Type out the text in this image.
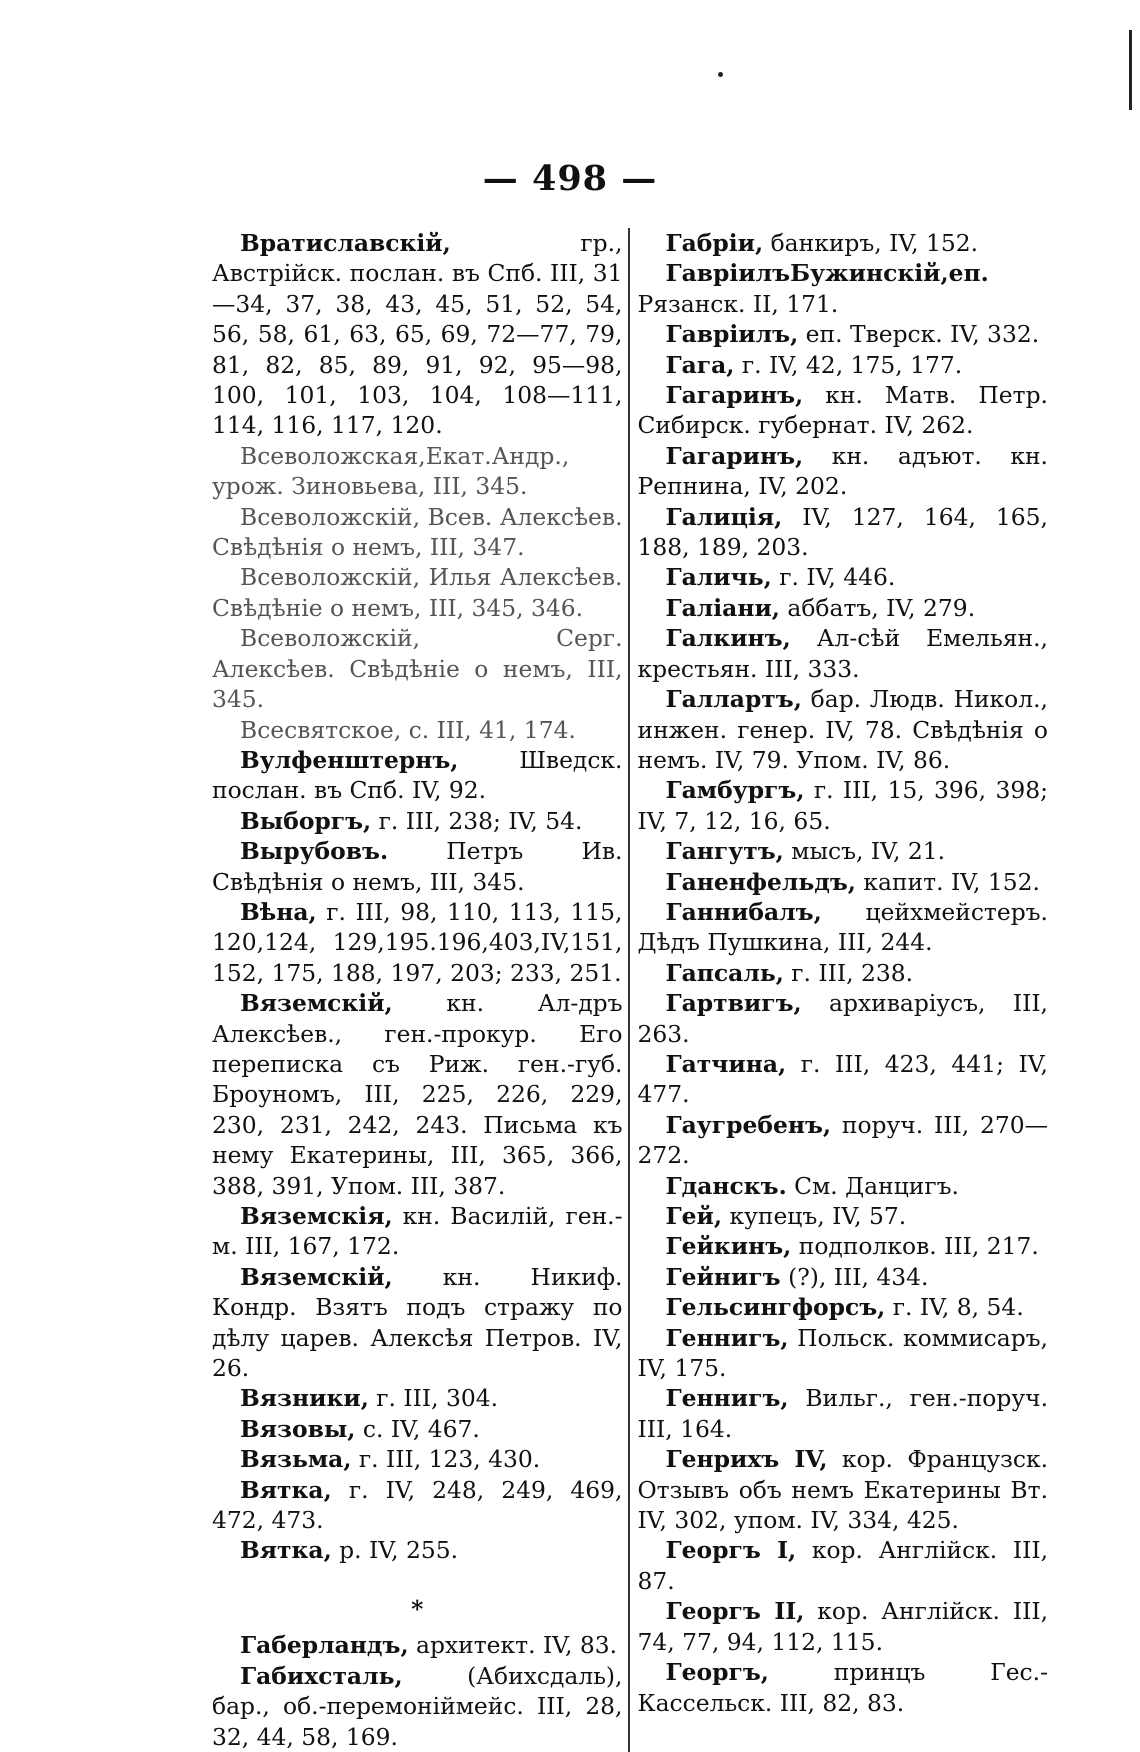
— 498 —

Вратиславскій, гр., Австрійск. послан. въ Спб. III, 31—34, 37, 38, 43, 45, 51, 52, 54, 56, 58, 61, 63, 65, 69, 72—77, 79, 81, 82, 85, 89, 91, 92, 95—98, 100, 101, 103, 104, 108—111, 114, 116, 117, 120.

Всеволожская,Екат.Андр., урож. Зиновьева, III, 345.

Всеволожскій, Всев. Алексѣев. Свѣдѣнія о немъ, III, 347.

Всеволожскій, Илья Алексѣев. Свѣдѣніе о немъ, III, 345, 346.

Всеволожскій, Серг. Алексѣев. Свѣдѣніе о немъ, III, 345.

Всесвятское, с. III, 41, 174.

Вулфенштернъ, Шведск. послан. въ Спб. IV, 92.

Выборгъ, г. III, 238; IV, 54.

Вырубовъ. Петръ Ив. Свѣдѣнія о немъ, III, 345.

Вѣна, г. III, 98, 110, 113, 115, 120,124, 129,195.196,403,IV,151, 152, 175, 188, 197, 203; 233, 251.

Вяземскій, кн. Ал-дръ Алексѣев., ген.-прокур. Его переписка съ Риж. ген.-губ. Броуномъ, III, 225, 226, 229, 230, 231, 242, 243. Письма къ нему Екатерины, III, 365, 366, 388, 391, Упом. III, 387.

Вяземскія, кн. Василій, ген.-м. III, 167, 172.

Вяземскій, кн. Никиф. Кондр. Взятъ подъ стражу по дѣлу царев. Алексѣя Петров. IV, 26.

Вязники, г. III, 304.

Вязовы, с. IV, 467.

Вязьма, г. III, 123, 430.

Вятка, г. IV, 248, 249, 469, 472, 473.

Вятка, р. IV, 255.

*

Габерландъ, архитект. IV, 83.

Габихсталь, (Абихсдаль), бар., об.-перемоніймейс. III, 28, 32, 44, 58, 169.

Габріи, банкиръ, IV, 152.

ГавріилъБужинскій,еп. Рязанск. II, 171.

Гавріилъ, еп. Тверск. IV, 332.

Гага, г. IV, 42, 175, 177.

Гагаринъ, кн. Матв. Петр. Сибирск. губернат. IV, 262.

Гагаринъ, кн. адъют. кн. Репнина, IV, 202.

Галиція, IV, 127, 164, 165, 188, 189, 203.

Галичь, г. IV, 446.

Галіани, аббатъ, IV, 279.

Галкинъ, Ал-сѣй Емельян., крестьян. III, 333.

Галлартъ, бар. Людв. Никол., инжен. генер. IV, 78. Свѣдѣнія о немъ. IV, 79. Упом. IV, 86.

Гамбургъ, г. III, 15, 396, 398; IV, 7, 12, 16, 65.

Гангутъ, мысъ, IV, 21.

Ганенфельдъ, капит. IV, 152.

Ганнибалъ, цейхмейстеръ. Дѣдъ Пушкина, III, 244.

Гапсаль, г. III, 238.

Гартвигъ, архиваріусъ, III, 263.

Гатчина, г. III, 423, 441; IV, 477.

Гаугребенъ, поруч. III, 270—272.

Гданскъ. См. Данцигъ.

Гей, купецъ, IV, 57.

Гейкинъ, подполков. III, 217.

Гейнигъ (?), III, 434.

Гельсингфорсъ, г. IV, 8, 54.

Геннигъ, Польск. коммисаръ, IV, 175.

Геннигъ, Вильг., ген.-поруч. III, 164.

Генрихъ IV, кор. Французск. Отзывъ объ немъ Екатерины Вт. IV, 302, упом. IV, 334, 425.

Георгъ I, кор. Англійск. III, 87.

Георгъ II, кор. Англійск. III, 74, 77, 94, 112, 115.

Георгъ, принцъ Гес.-Кассельск. III, 82, 83.
